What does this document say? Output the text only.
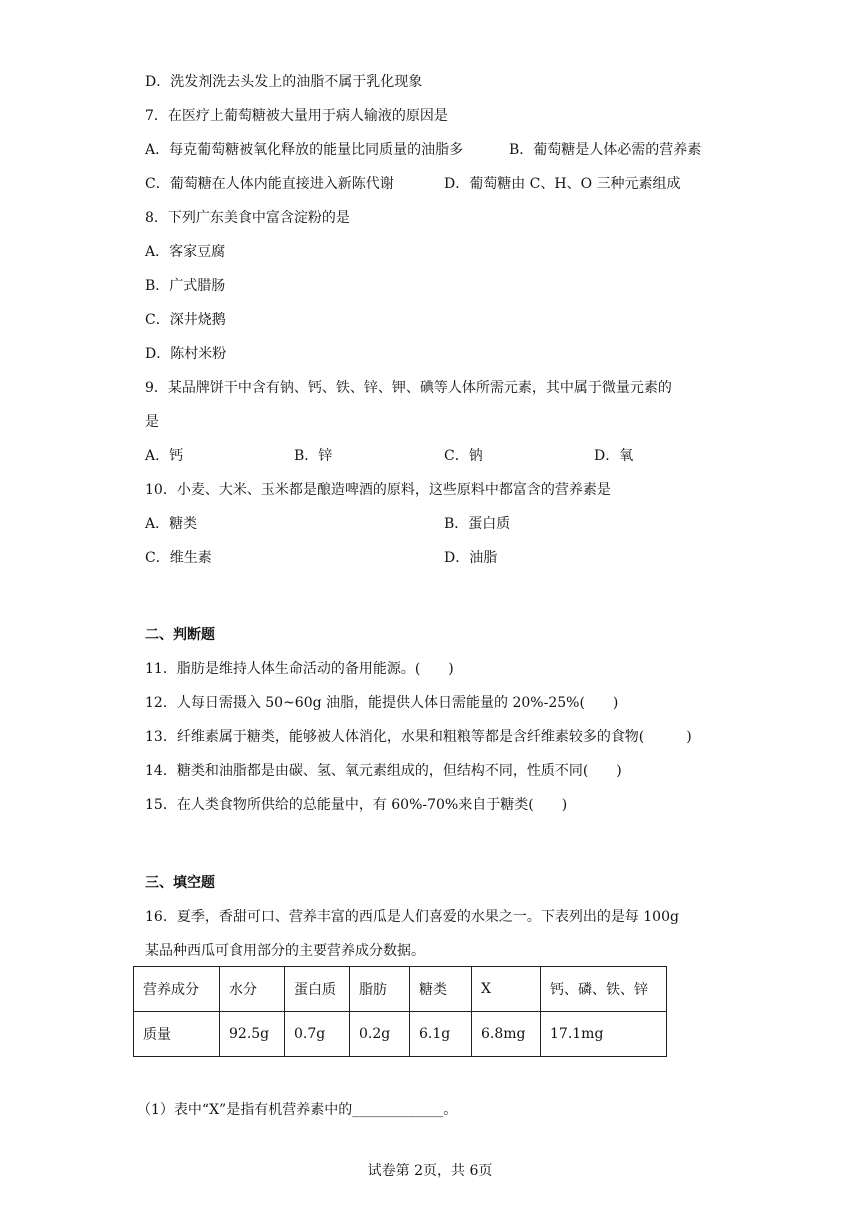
D．洗发剂洗去头发上的油脂不属于乳化现象
7．在医疗上葡萄糖被大量用于病人输液的原因是
A．每克葡萄糖被氧化释放的能量比同质量的油脂多	B．葡萄糖是人体必需的营养素
C．葡萄糖在人体内能直接进入新陈代谢	D．葡萄糖由 C、H、O 三种元素组成
8．下列广东美食中富含淀粉的是
A．客家豆腐
B．广式腊肠
C．深井烧鹅
D．陈村米粉
9．某品牌饼干中含有钠、钙、铁、锌、钾、碘等人体所需元素，其中属于微量元素的
是
A．钙	B．锌	C．钠	D．氧
10．小麦、大米、玉米都是酿造啤酒的原料，这些原料中都富含的营养素是
A．糖类	B．蛋白质
C．维生素	D．油脂
二、判断题
11．脂肪是维持人体生命活动的备用能源。(　　)
12．人每日需摄入 50~60g 油脂，能提供人体日需能量的 20%-25%(　　)
13．纤维素属于糖类，能够被人体消化，水果和粗粮等都是含纤维素较多的食物(　　　)
14．糖类和油脂都是由碳、氢、氧元素组成的，但结构不同，性质不同(　　)
15．在人类食物所供给的总能量中，有 60%-70%来自于糖类(　　)
三、填空题
16．夏季，香甜可口、营养丰富的西瓜是人们喜爱的水果之一。下表列出的是每 100g
某品种西瓜可食用部分的主要营养成分数据。
营养成分	水分	蛋白质	脂肪	糖类	X	钙、磷、铁、锌
质量	92.5g	0.7g	0.2g	6.1g	6.8mg	17.1mg
（1）表中“X”是指有机营养素中的_____________。
试卷第 2页，共 6页
